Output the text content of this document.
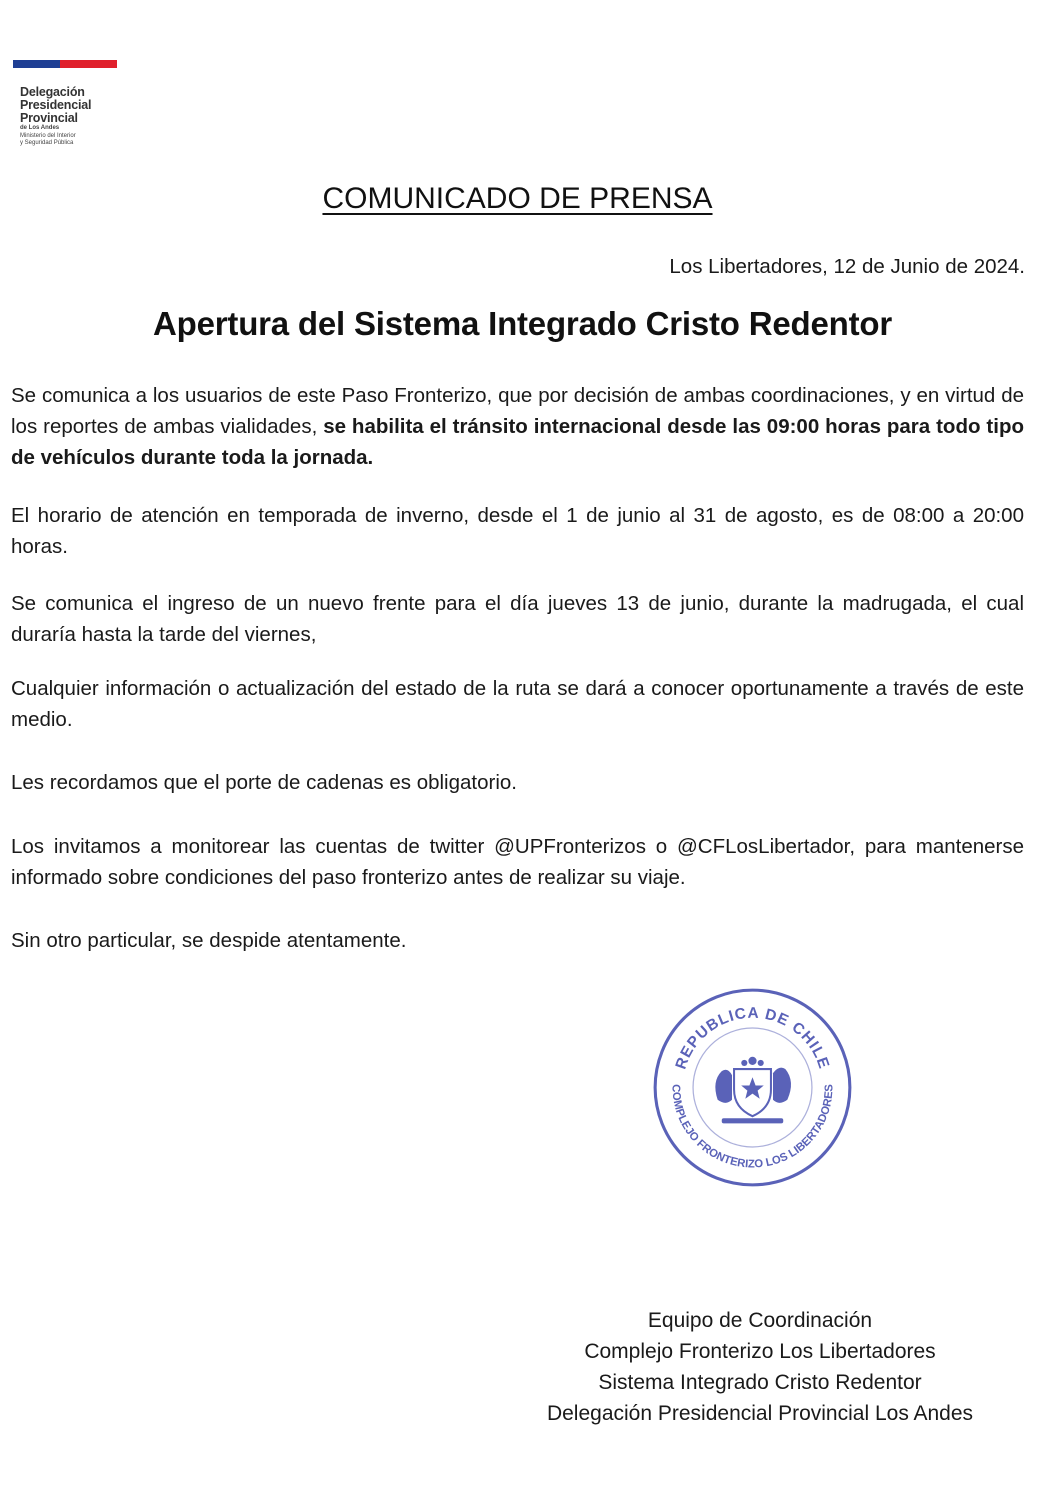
Delegación
Presidencial
Provincial
de Los Andes
Ministerio del Interior
y Seguridad Pública
COMUNICADO DE PRENSA
Los Libertadores, 12 de Junio de 2024.
Apertura del Sistema Integrado Cristo Redentor
Se comunica a los usuarios de este Paso Fronterizo, que por decisión de ambas coordinaciones, y en virtud de los reportes de ambas vialidades, se habilita el tránsito internacional desde las 09:00 horas para todo tipo de vehículos durante toda la jornada.
El horario de atención en temporada de inverno, desde el 1 de junio al 31 de agosto, es de 08:00 a 20:00 horas.
Se comunica el ingreso de un nuevo frente para el día jueves 13 de junio, durante la madrugada, el cual duraría hasta la tarde del viernes,
Cualquier información o actualización del estado de la ruta se dará a conocer oportunamente a través de este medio.
Les recordamos que el porte de cadenas es obligatorio.
Los invitamos a monitorear las cuentas de twitter @UPFronterizos o @CFLosLibertador, para mantenerse informado sobre condiciones del paso fronterizo antes de realizar su viaje.
Sin otro particular, se despide atentamente.
REPUBLICA DE CHILE
COMPLEJO FRONTERIZO LOS LIBERTADORES
Equipo de Coordinación
Complejo Fronterizo Los Libertadores
Sistema Integrado Cristo Redentor
Delegación Presidencial Provincial Los Andes
